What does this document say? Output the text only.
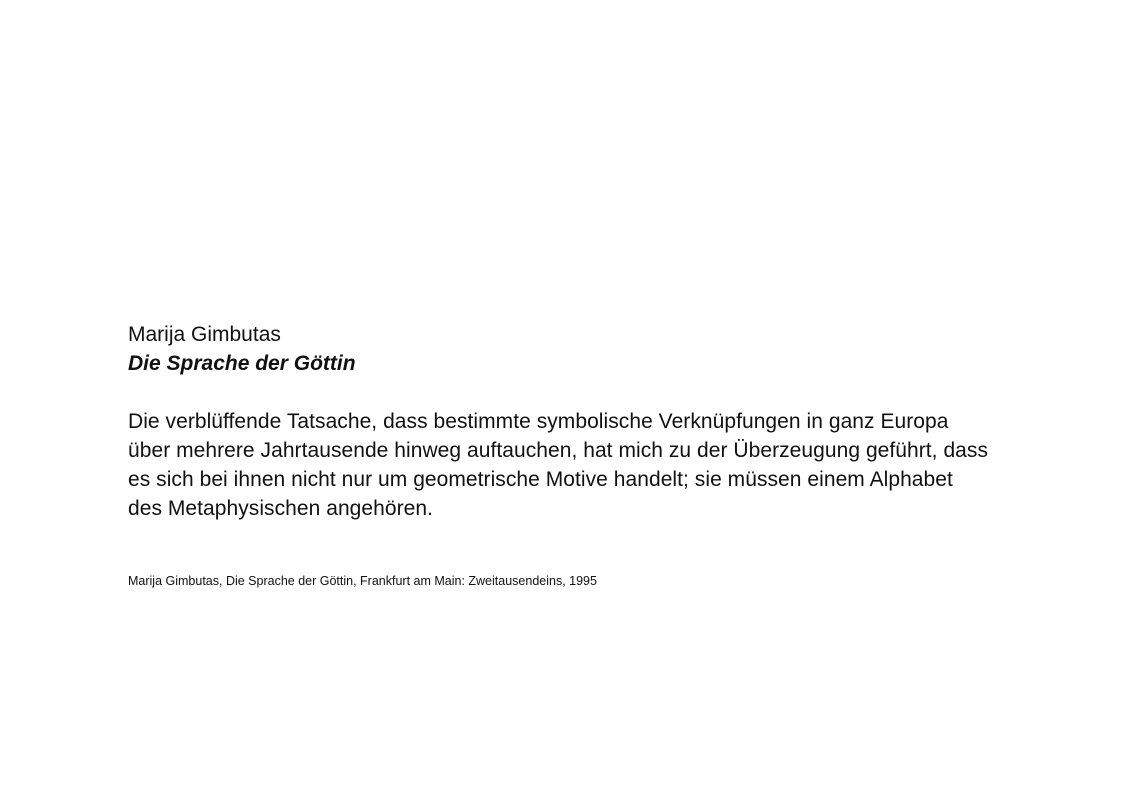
Marija Gimbutas

Die Sprache der Göttin

Die verblüffende Tatsache, dass bestimmte symbolische Verknüpfungen in ganz Europa über mehrere Jahrtausende hinweg auftauchen, hat mich zu der Überzeugung geführt, dass es sich bei ihnen nicht nur um geometrische Motive handelt; sie müssen einem Alphabet des Metaphysischen angehören.

Marija Gimbutas, Die Sprache der Göttin, Frankfurt am Main: Zweitausendeins, 1995
